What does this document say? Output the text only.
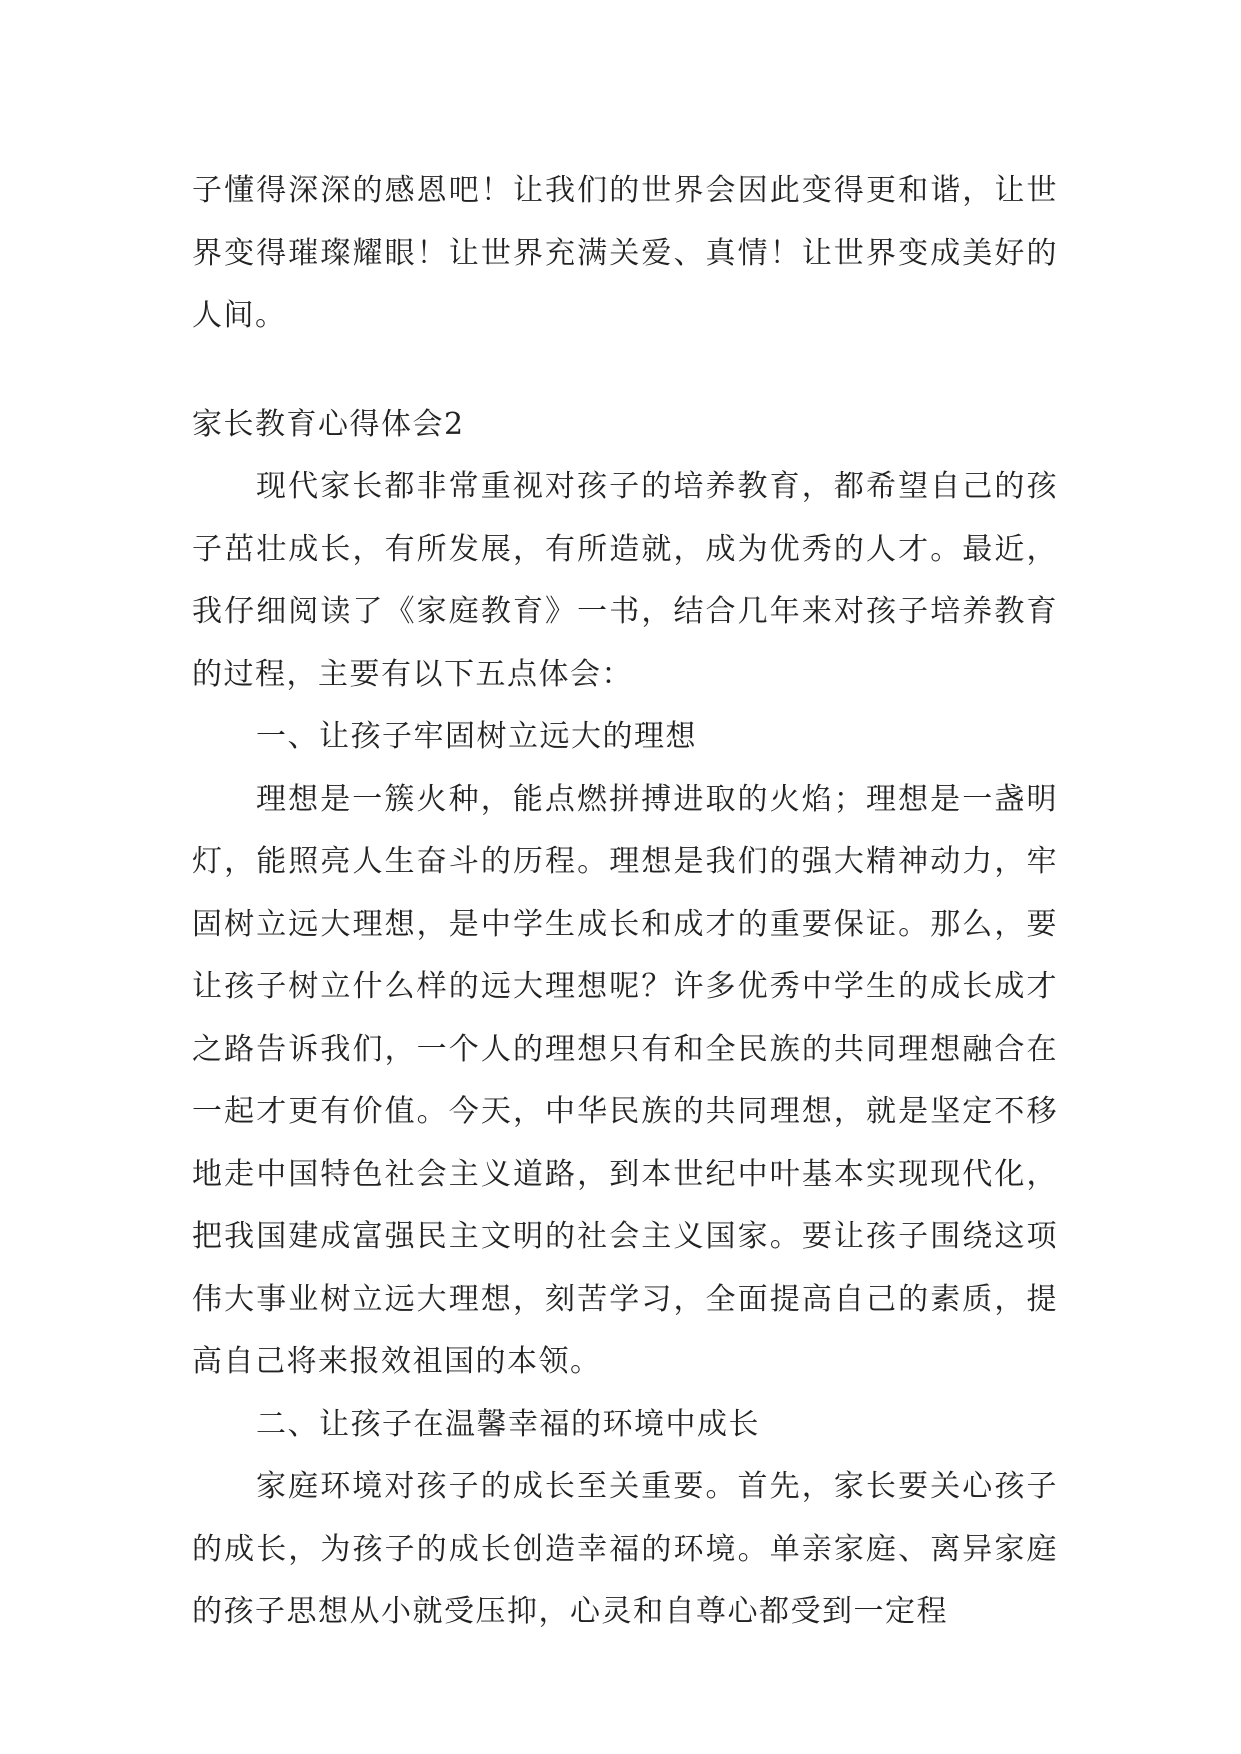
子懂得深深的感恩吧！让我们的世界会因此变得更和谐，让世界变得璀璨耀眼！让世界充满关爱、真情！让世界变成美好的人间。

家长教育心得体会2

现代家长都非常重视对孩子的培养教育，都希望自己的孩子茁壮成长，有所发展，有所造就，成为优秀的人才。最近，我仔细阅读了《家庭教育》一书，结合几年来对孩子培养教育的过程，主要有以下五点体会：

一、让孩子牢固树立远大的理想

理想是一簇火种，能点燃拼搏进取的火焰；理想是一盏明灯，能照亮人生奋斗的历程。理想是我们的强大精神动力，牢固树立远大理想，是中学生成长和成才的重要保证。那么，要让孩子树立什么样的远大理想呢？许多优秀中学生的成长成才之路告诉我们，一个人的理想只有和全民族的共同理想融合在一起才更有价值。今天，中华民族的共同理想，就是坚定不移地走中国特色社会主义道路，到本世纪中叶基本实现现代化，把我国建成富强民主文明的社会主义国家。要让孩子围绕这项伟大事业树立远大理想，刻苦学习，全面提高自己的素质，提高自己将来报效祖国的本领。

二、让孩子在温馨幸福的环境中成长

家庭环境对孩子的成长至关重要。首先，家长要关心孩子的成长，为孩子的成长创造幸福的环境。单亲家庭、离异家庭的孩子思想从小就受压抑，心灵和自尊心都受到一定程
